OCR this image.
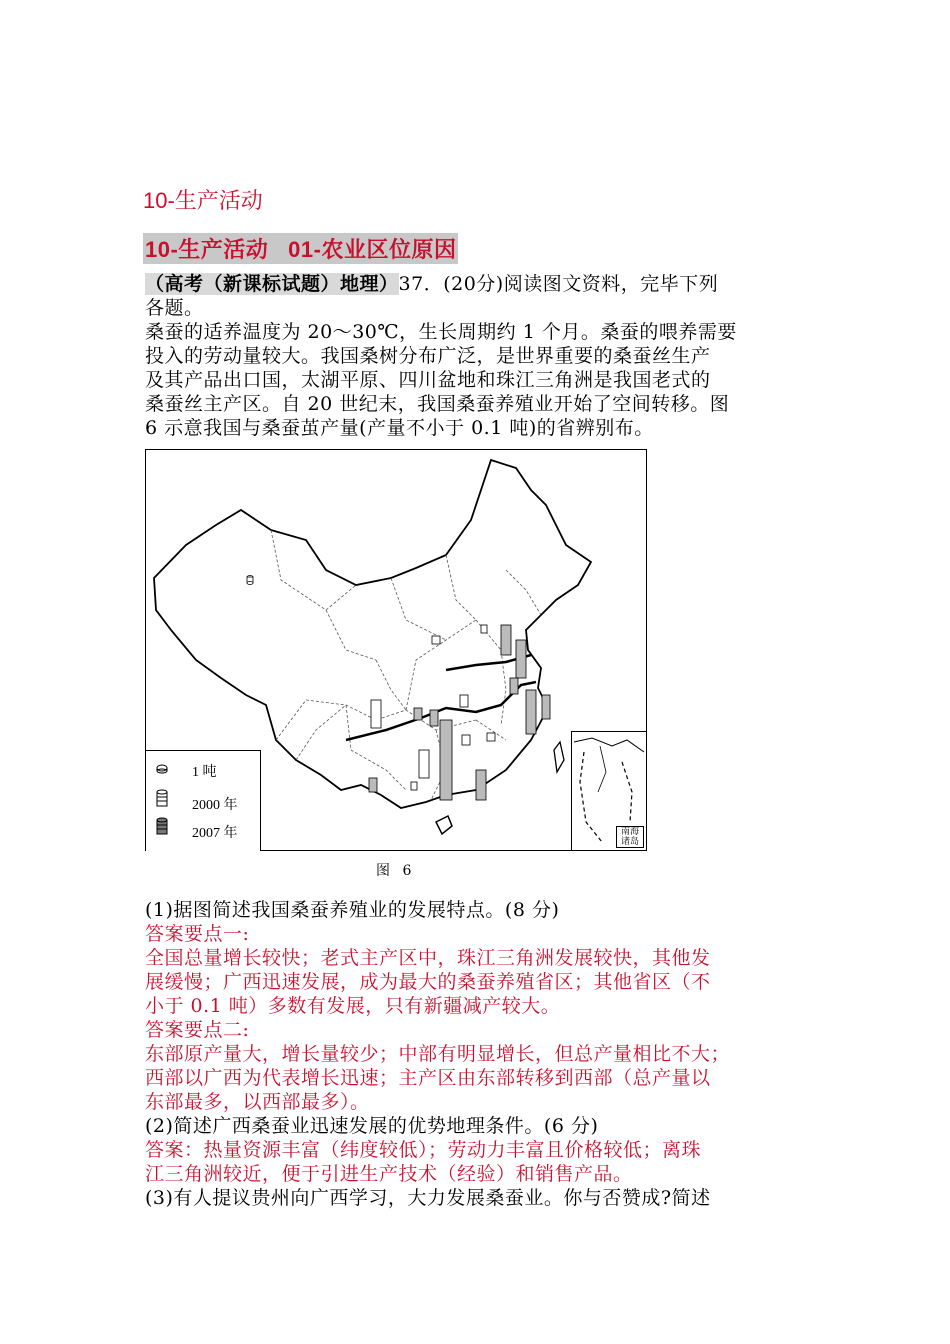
10-生产活动
10-生产活动 01-农业区位原因
（高考（新课标试题）地理）37．(20分)阅读图文资料，完毕下列
各题。
桑蚕的适养温度为 20～30℃，生长周期约 1 个月。桑蚕的喂养需要
投入的劳动量较大。我国桑树分布广泛，是世界重要的桑蚕丝生产
及其产品出口国，太湖平原、四川盆地和珠江三角洲是我国老式的
桑蚕丝主产区。自 20 世纪末，我国桑蚕养殖业开始了空间转移。图
6 示意我国与桑蚕茧产量(产量不小于 0.1 吨)的省辨别布。
1 吨
2000 年
2007 年	南海诸岛
图 6
(1)据图简述我国桑蚕养殖业的发展特点。(8 分)
答案要点一:
全国总量增长较快；老式主产区中，珠江三角洲发展较快，其他发
展缓慢；广西迅速发展，成为最大的桑蚕养殖省区；其他省区（不
小于 0.1 吨）多数有发展，只有新疆减产较大。
答案要点二:
东部原产量大，增长量较少；中部有明显增长，但总产量相比不大；
西部以广西为代表增长迅速；主产区由东部转移到西部（总产量以
东部最多，以西部最多）。
(2)简述广西桑蚕业迅速发展的优势地理条件。(6 分)
答案：热量资源丰富（纬度较低）；劳动力丰富且价格较低；离珠
江三角洲较近，便于引进生产技术（经验）和销售产品。
(3)有人提议贵州向广西学习，大力发展桑蚕业。你与否赞成?简述
